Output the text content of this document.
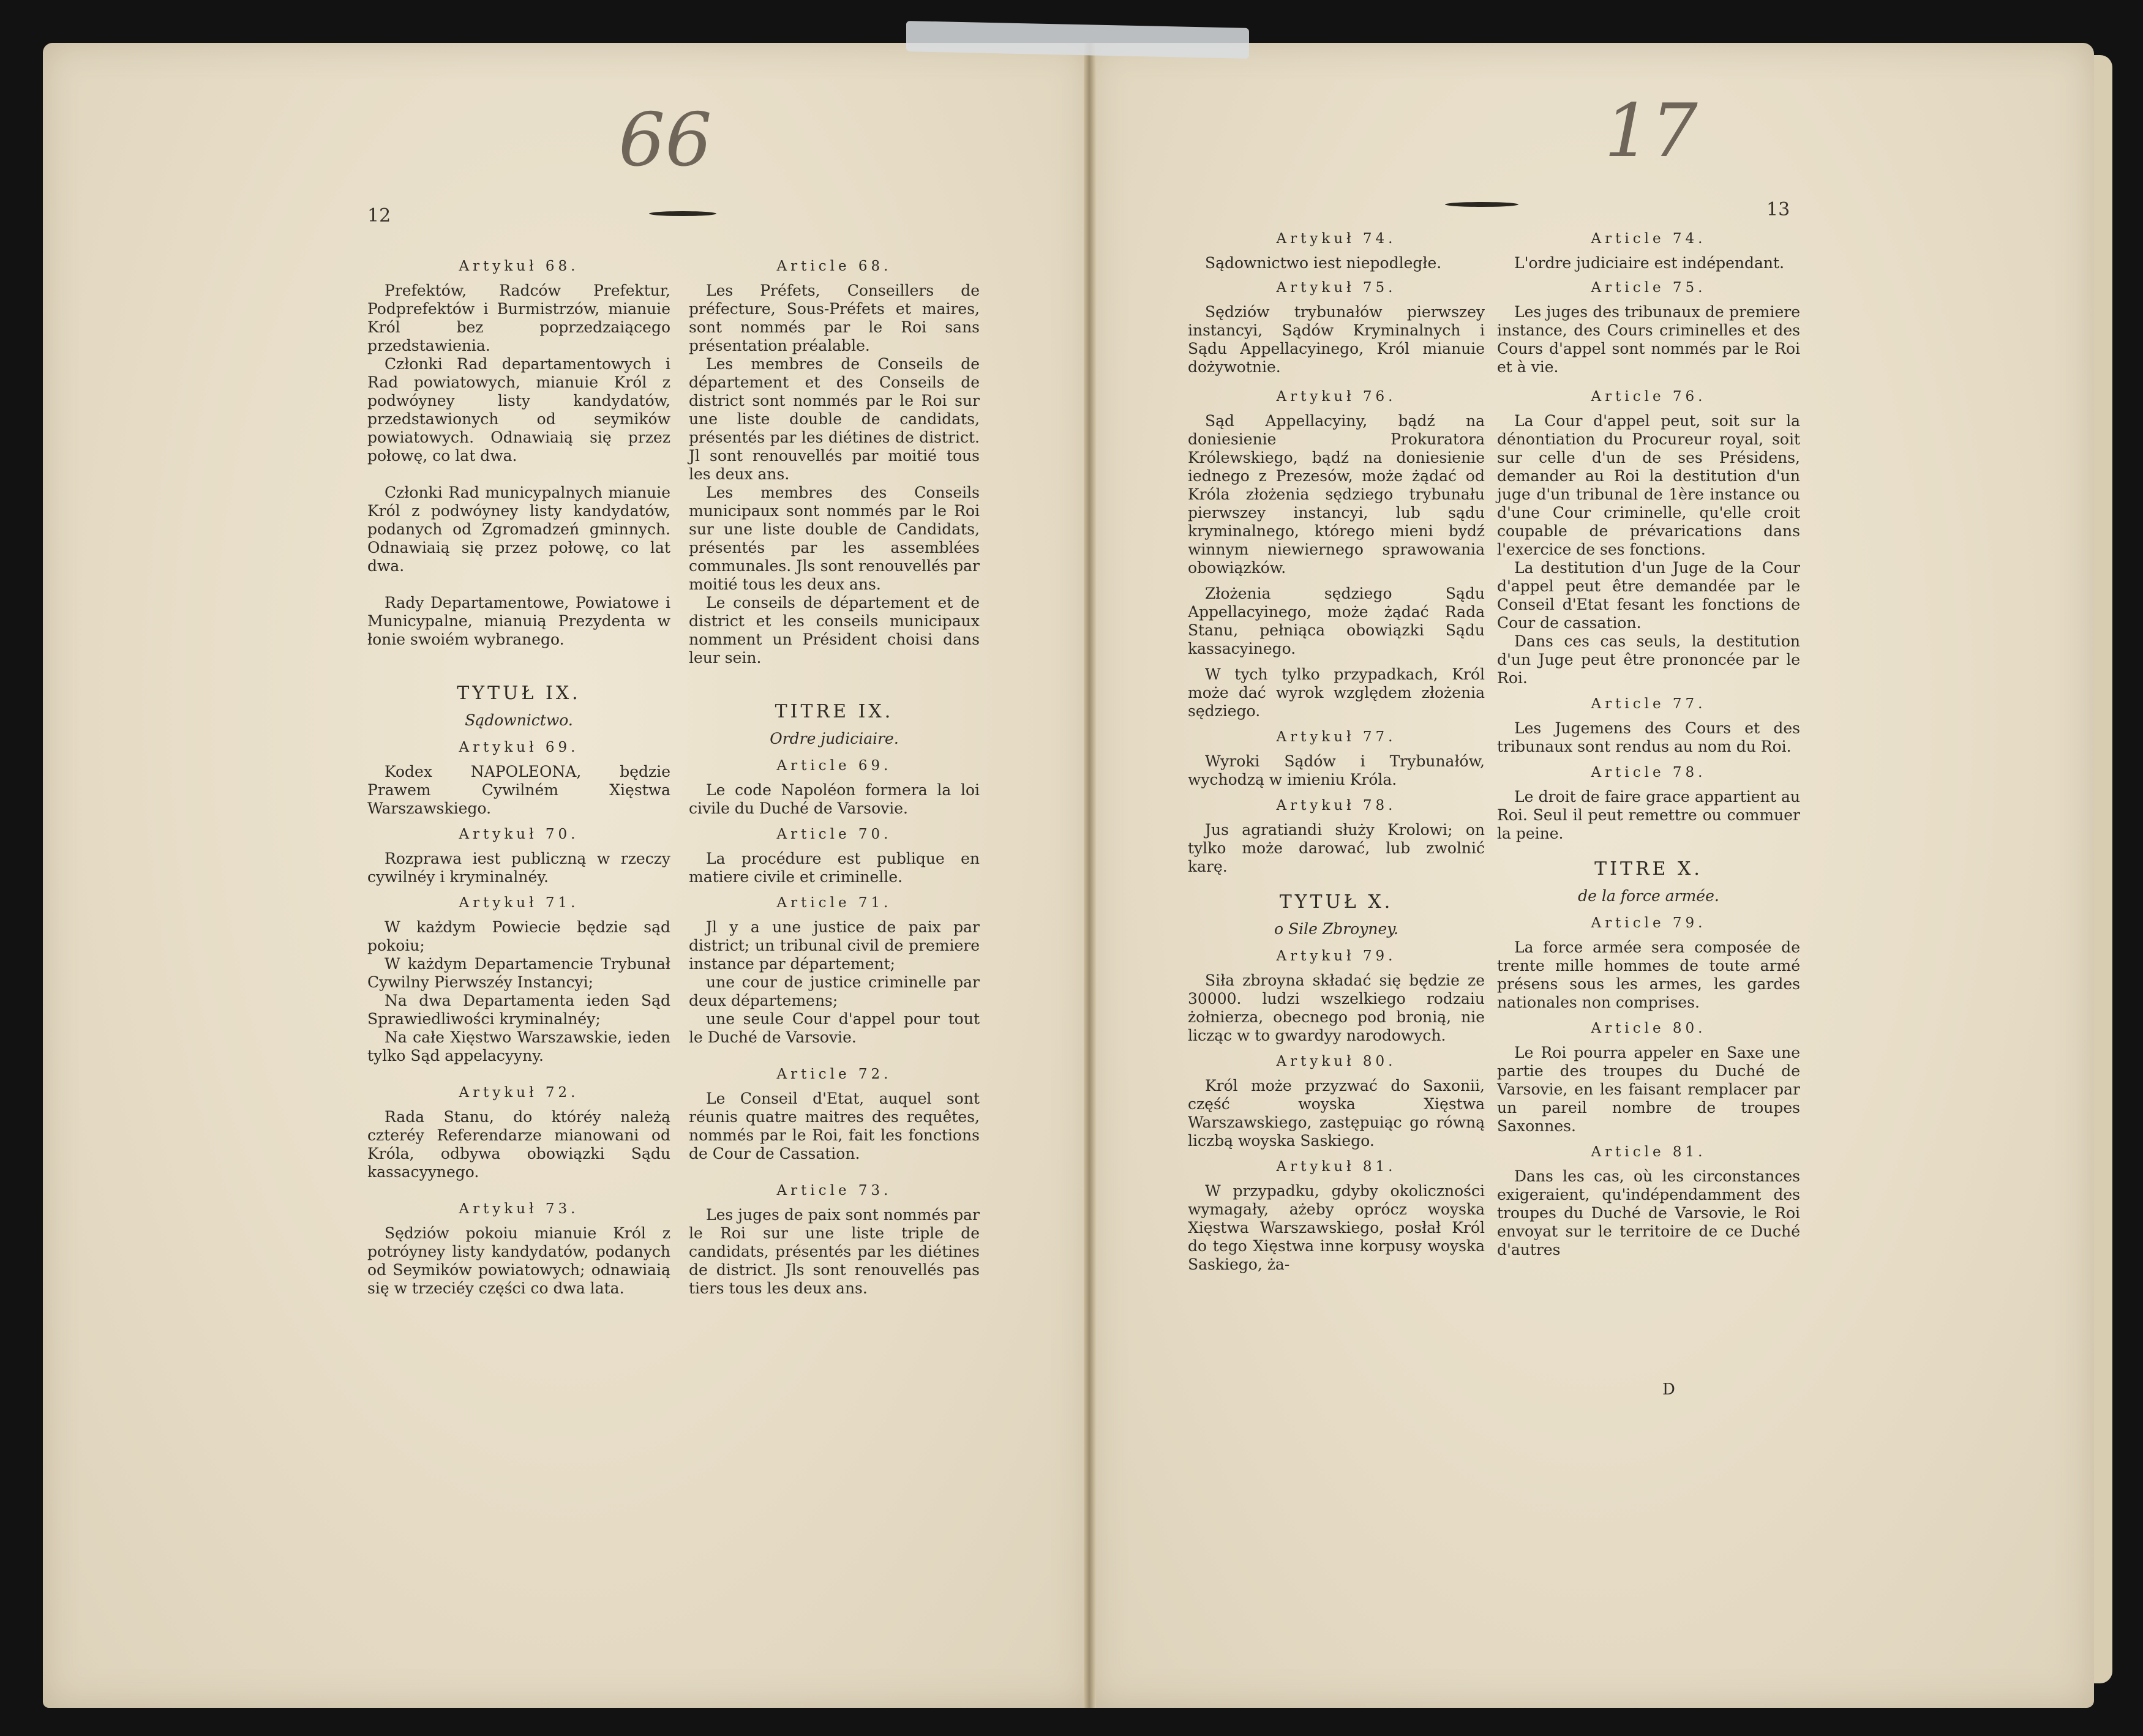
66
12
Artykuł 68.

Prefektów, Radców Prefektur, Podprefektów i Burmistrzów, mianuie Król bez poprzedzaiącego przedstawienia.

Członki Rad departamentowych i Rad powiatowych, mianuie Król z podwóyney listy kandydatów, przedstawionych od seymików powiatowych. Odnawiaią się przez połowę, co lat dwa.

Członki Rad municypalnych mianuie Król z podwóyney listy kandydatów, podanych od Zgromadzeń gminnych. Odnawiaią się przez połowę, co lat dwa.

Rady Departamentowe, Powiatowe i Municypalne, mianuią Prezydenta w łonie swoiém wybranego.

TYTUŁ IX.
Sądownictwo.
Artykuł 69.

Kodex NAPOLEONA, będzie Prawem Cywilném Xięstwa Warszawskiego.

Artykuł 70.

Rozprawa iest publiczną w rzeczy cywilnéy i kryminalnéy.

Artykuł 71.

W każdym Powiecie będzie sąd pokoiu;

W każdym Departamencie Trybunał Cywilny Pierwszéy Instancyi;

Na dwa Departamenta ieden Sąd Sprawiedliwości kryminalnéy;

Na całe Xięstwo Warszawskie, ieden tylko Sąd appelacyyny.

Artykuł 72.

Rada Stanu, do któréy należą czteréy Referendarze mianowani od Króla, odbywa obowiązki Sądu kassacyynego.

Artykuł 73.

Sędziów pokoiu mianuie Król z potróyney listy kandydatów, podanych od Seymików powiatowych; odnawiaią się w trzeciéy części co dwa lata.

Article 68.

Les Préfets, Conseillers de préfecture, Sous-Préfets et maires, sont nommés par le Roi sans présentation préalable.

Les membres de Conseils de département et des Conseils de district sont nommés par le Roi sur une liste double de candidats, présentés par les diétines de district. Jl sont renouvellés par moitié tous les deux ans.

Les membres des Conseils municipaux sont nommés par le Roi sur une liste double de Candidats, présentés par les assemblées communales. Jls sont renouvellés par moitié tous les deux ans.

Le conseils de département et de district et les conseils municipaux nomment un Président choisi dans leur sein.

TITRE IX.
Ordre judiciaire.
Article 69.

Le code Napoléon formera la loi civile du Duché de Varsovie.

Article 70.

La procédure est publique en matiere civile et criminelle.

Article 71.

Jl y a une justice de paix par district; un tribunal civil de premiere instance par département;

une cour de justice criminelle par deux départemens;

une seule Cour d'appel pour tout le Duché de Varsovie.

Article 72.

Le Conseil d'Etat, auquel sont réunis quatre maitres des requêtes, nommés par le Roi, fait les fonctions de Cour de Cassation.

Article 73.

Les juges de paix sont nommés par le Roi sur une liste triple de candidats, présentés par les diétines de district. Jls sont renouvellés pas tiers tous les deux ans.

17
13
Artykuł 74.

Sądownictwo iest niepodległe.

Artykuł 75.

Sędziów trybunałów pierwszey instancyi, Sądów Kryminalnych i Sądu Appellacyinego, Król mianuie dożywotnie.

Artykuł 76.

Sąd Appellacyiny, bądź na doniesienie Prokuratora Królewskiego, bądź na doniesienie iednego z Prezesów, może żądać od Króla złożenia sędziego trybunału pierwszey instancyi, lub sądu kryminalnego, którego mieni bydź winnym niewiernego sprawowania obowiązków.

Złożenia sędziego Sądu Appellacyinego, może żądać Rada Stanu, pełniąca obowiązki Sądu kassacyinego.

W tych tylko przypadkach, Król może dać wyrok względem złożenia sędziego.

Artykuł 77.

Wyroki Sądów i Trybunałów, wychodzą w imieniu Króla.

Artykuł 78.

Jus agratiandi służy Krolowi; on tylko może darować, lub zwolnić karę.

TYTUŁ X.
o Sile Zbroyney.
Artykuł 79.

Siła zbroyna składać się będzie ze 30000. ludzi wszelkiego rodzaiu żołnierza, obecnego pod bronią, nie licząc w to gwardyy narodowych.

Artykuł 80.

Król może przyzwać do Saxonii, część woyska Xięstwa Warszawskiego, zastępuiąc go równą liczbą woyska Saskiego.

Artykuł 81.

W przypadku, gdyby okoliczności wymagały, ażeby oprócz woyska Xięstwa Warszawskiego, posłał Król do tego Xięstwa inne korpusy woyska Saskiego, ża-

Article 74.

L'ordre judiciaire est indépendant.

Article 75.

Les juges des tribunaux de premiere instance, des Cours criminelles et des Cours d'appel sont nommés par le Roi et à vie.

Article 76.

La Cour d'appel peut, soit sur la dénontiation du Procureur royal, soit sur celle d'un de ses Présidens, demander au Roi la destitution d'un juge d'un tribunal de 1ère instance ou d'une Cour criminelle, qu'elle croit coupable de prévarications dans l'exercice de ses fonctions.

La destitution d'un Juge de la Cour d'appel peut être demandée par le Conseil d'Etat fesant les fonctions de Cour de cassation.

Dans ces cas seuls, la destitution d'un Juge peut être prononcée par le Roi.

Article 77.

Les Jugemens des Cours et des tribunaux sont rendus au nom du Roi.

Article 78.

Le droit de faire grace appartient au Roi. Seul il peut remettre ou commuer la peine.

TITRE X.
de la force armée.
Article 79.

La force armée sera composée de trente mille hommes de toute armé présens sous les armes, les gardes nationales non comprises.

Article 80.

Le Roi pourra appeler en Saxe une partie des troupes du Duché de Varsovie, en les faisant remplacer par un pareil nombre de troupes Saxonnes.

Article 81.

Dans les cas, où les circonstances exigeraient, qu'indépendamment des troupes du Duché de Varsovie, le Roi envoyat sur le territoire de ce Duché d'autres

D
